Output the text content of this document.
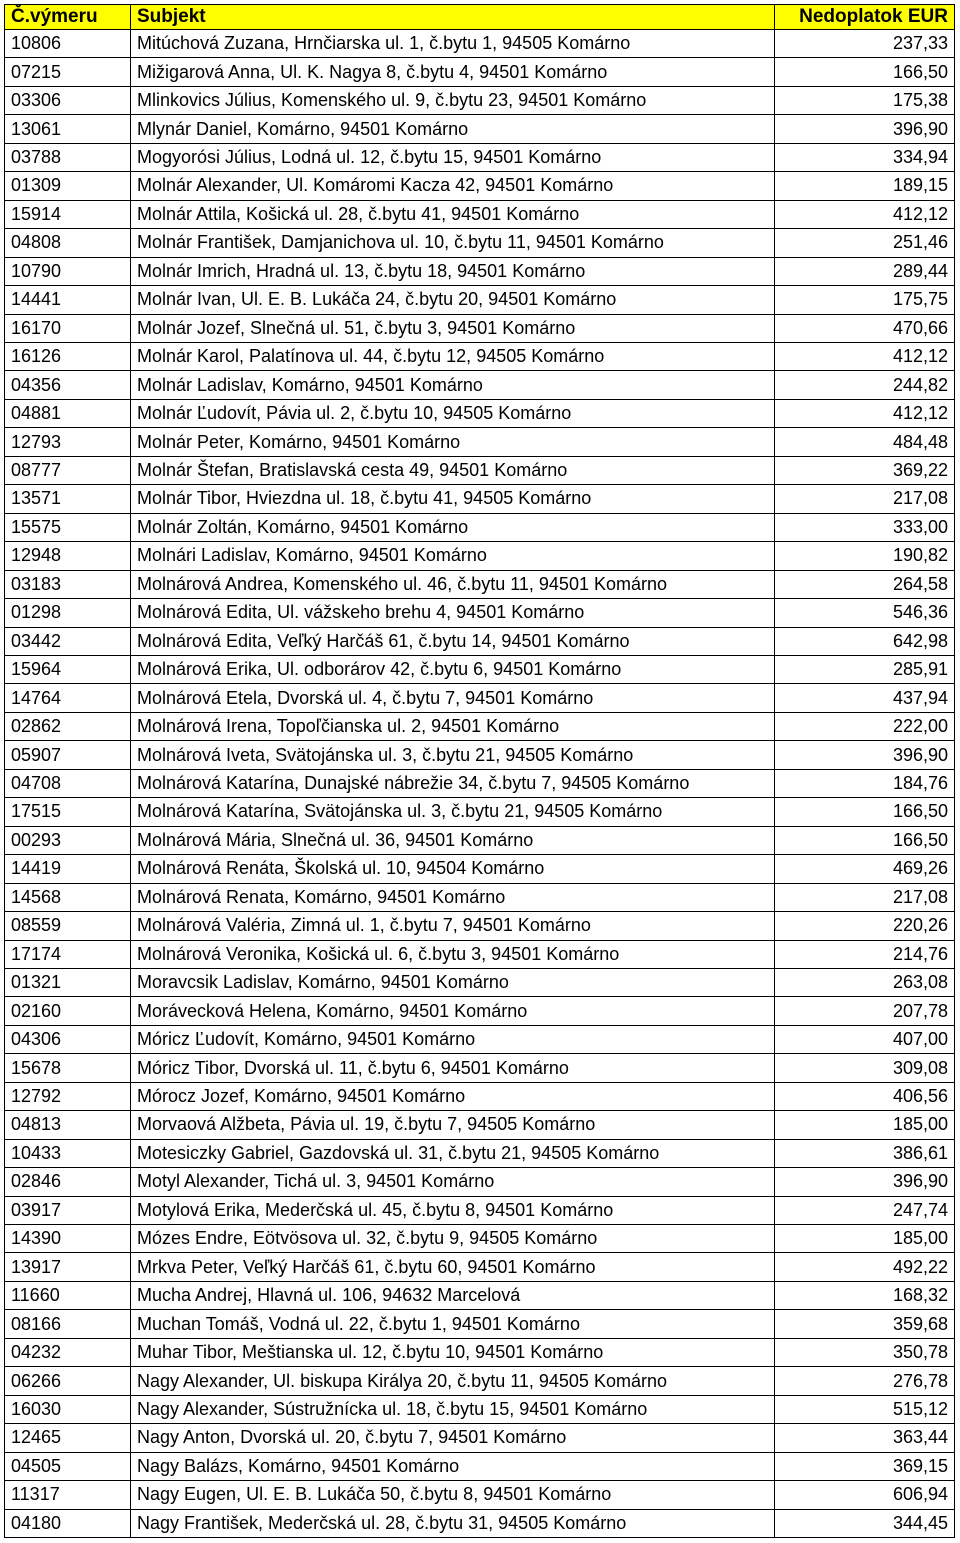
Č.výmeru	Subjekt	Nedoplatok EUR
10806	Mitúchová Zuzana, Hrnčiarska ul. 1, č.bytu 1, 94505 Komárno	237,33
07215	Mižigarová Anna, Ul. K. Nagya 8, č.bytu 4, 94501 Komárno	166,50
03306	Mlinkovics Július, Komenského ul. 9, č.bytu 23, 94501 Komárno	175,38
13061	Mlynár Daniel, Komárno, 94501 Komárno	396,90
03788	Mogyorósi Július, Lodná ul. 12, č.bytu 15, 94501 Komárno	334,94
01309	Molnár Alexander, Ul. Komáromi Kacza 42, 94501 Komárno	189,15
15914	Molnár Attila, Košická ul. 28, č.bytu 41, 94501 Komárno	412,12
04808	Molnár František, Damjanichova ul. 10, č.bytu 11, 94501 Komárno	251,46
10790	Molnár Imrich, Hradná ul. 13, č.bytu 18, 94501 Komárno	289,44
14441	Molnár Ivan, Ul. E. B. Lukáča 24, č.bytu 20, 94501 Komárno	175,75
16170	Molnár Jozef, Slnečná ul. 51, č.bytu 3, 94501 Komárno	470,66
16126	Molnár Karol, Palatínova ul. 44, č.bytu 12, 94505 Komárno	412,12
04356	Molnár Ladislav, Komárno, 94501 Komárno	244,82
04881	Molnár Ľudovít, Pávia ul. 2, č.bytu 10, 94505 Komárno	412,12
12793	Molnár Peter, Komárno, 94501 Komárno	484,48
08777	Molnár Štefan, Bratislavská cesta 49, 94501 Komárno	369,22
13571	Molnár Tibor, Hviezdna ul. 18, č.bytu 41, 94505 Komárno	217,08
15575	Molnár Zoltán, Komárno, 94501 Komárno	333,00
12948	Molnári Ladislav, Komárno, 94501 Komárno	190,82
03183	Molnárová Andrea, Komenského ul. 46, č.bytu 11, 94501 Komárno	264,58
01298	Molnárová Edita, Ul. vážskeho brehu 4, 94501 Komárno	546,36
03442	Molnárová Edita, Veľký Harčáš 61, č.bytu 14, 94501 Komárno	642,98
15964	Molnárová Erika, Ul. odborárov 42, č.bytu 6, 94501 Komárno	285,91
14764	Molnárová Etela, Dvorská ul. 4, č.bytu 7, 94501 Komárno	437,94
02862	Molnárová Irena, Topoľčianska ul. 2, 94501 Komárno	222,00
05907	Molnárová Iveta, Svätojánska ul. 3, č.bytu 21, 94505 Komárno	396,90
04708	Molnárová Katarína, Dunajské nábrežie 34, č.bytu 7, 94505 Komárno	184,76
17515	Molnárová Katarína, Svätojánska ul. 3, č.bytu 21, 94505 Komárno	166,50
00293	Molnárová Mária, Slnečná ul. 36, 94501 Komárno	166,50
14419	Molnárová Renáta, Školská ul. 10, 94504 Komárno	469,26
14568	Molnárová Renata, Komárno, 94501 Komárno	217,08
08559	Molnárová Valéria, Zimná ul. 1, č.bytu 7, 94501 Komárno	220,26
17174	Molnárová Veronika, Košická ul. 6, č.bytu 3, 94501 Komárno	214,76
01321	Moravcsik Ladislav, Komárno, 94501 Komárno	263,08
02160	Morávecková Helena, Komárno, 94501 Komárno	207,78
04306	Móricz Ľudovít, Komárno, 94501 Komárno	407,00
15678	Móricz Tibor, Dvorská ul. 11, č.bytu 6, 94501 Komárno	309,08
12792	Mórocz Jozef, Komárno, 94501 Komárno	406,56
04813	Morvaová Alžbeta, Pávia ul. 19, č.bytu 7, 94505 Komárno	185,00
10433	Motesiczky Gabriel, Gazdovská ul. 31, č.bytu 21, 94505 Komárno	386,61
02846	Motyl Alexander, Tichá ul. 3, 94501 Komárno	396,90
03917	Motylová Erika, Mederčská ul. 45, č.bytu 8, 94501 Komárno	247,74
14390	Mózes Endre, Eötvösova ul. 32, č.bytu 9, 94505 Komárno	185,00
13917	Mrkva Peter, Veľký Harčáš 61, č.bytu 60, 94501 Komárno	492,22
11660	Mucha Andrej, Hlavná ul. 106, 94632 Marcelová	168,32
08166	Muchan Tomáš, Vodná ul. 22, č.bytu 1, 94501 Komárno	359,68
04232	Muhar Tibor, Meštianska ul. 12, č.bytu 10, 94501 Komárno	350,78
06266	Nagy Alexander, Ul. biskupa Királya 20, č.bytu 11, 94505 Komárno	276,78
16030	Nagy Alexander, Sústružnícka ul. 18, č.bytu 15, 94501 Komárno	515,12
12465	Nagy Anton, Dvorská ul. 20, č.bytu 7, 94501 Komárno	363,44
04505	Nagy Balázs, Komárno, 94501 Komárno	369,15
11317	Nagy Eugen, Ul. E. B. Lukáča 50, č.bytu 8, 94501 Komárno	606,94
04180	Nagy František, Mederčská ul. 28, č.bytu 31, 94505 Komárno	344,45
